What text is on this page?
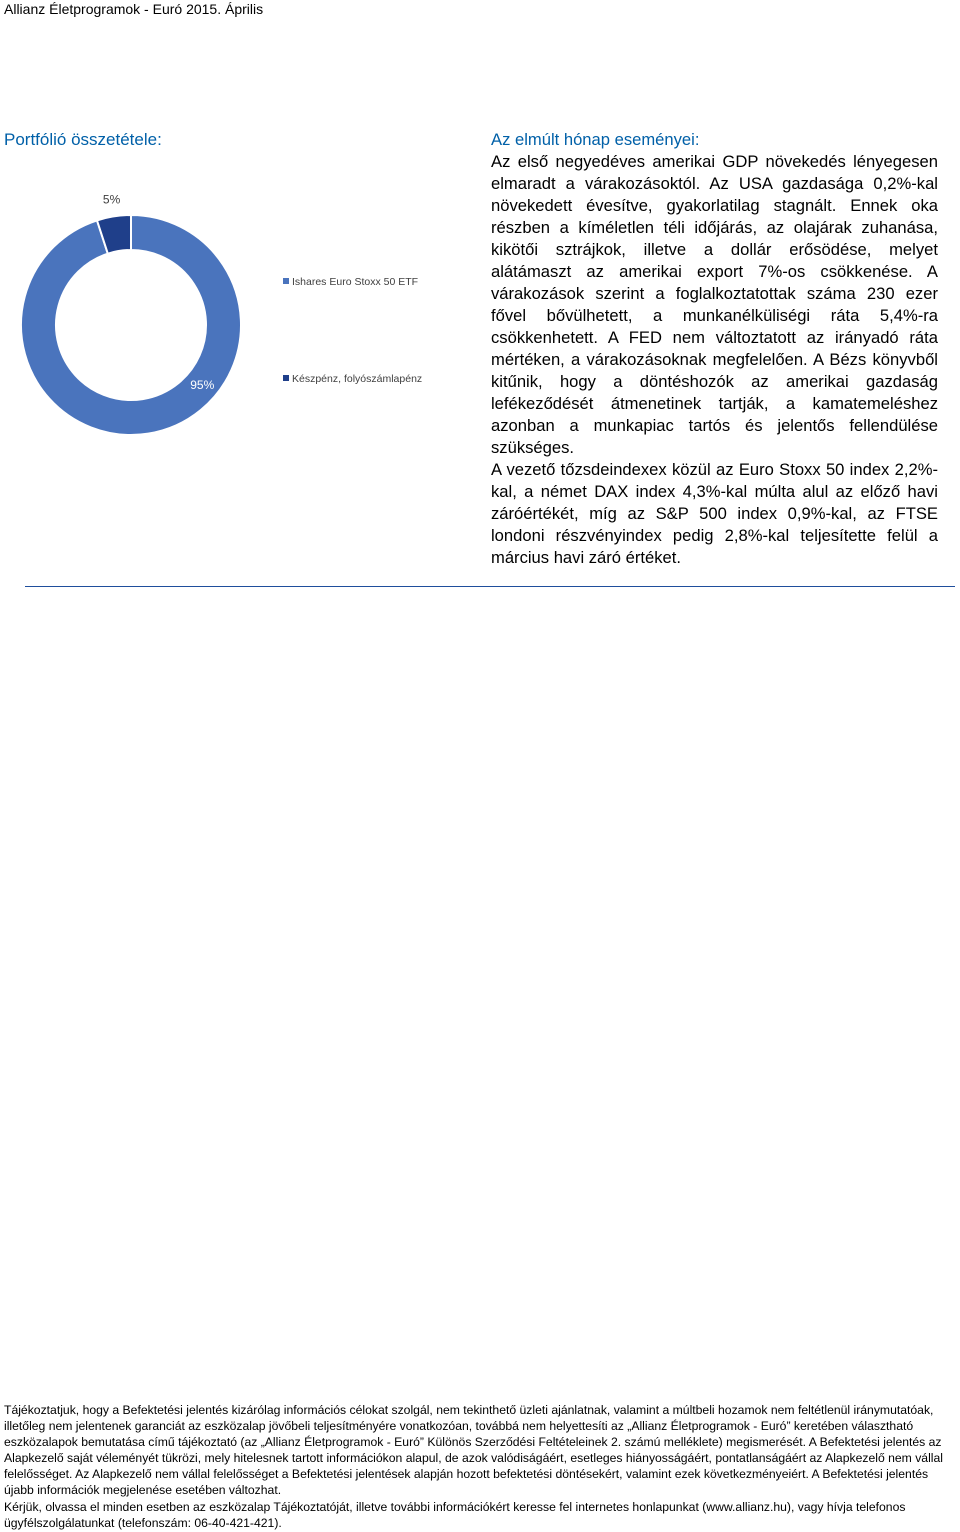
Allianz Életprogramok - Euró 2015. Április
Portfólió összetétele:
95%
5%
Ishares Euro Stoxx 50 ETF
Készpénz, folyószámlapénz
Az elmúlt hónap eseményei:

Az első negyedéves amerikai GDP növekedés lényegesen elmaradt a várakozásoktól. Az USA gazdasága 0,2%-kal növekedett évesítve, gyakorlatilag stagnált. Ennek oka részben a kíméletlen téli időjárás, az olajárak zuhanása, kikötői sztrájkok, illetve a dollár erősödése, melyet alátámaszt az amerikai export 7%-os csökkenése. A várakozások szerint a foglalkoztatottak száma 230 ezer fővel bővülhetett, a munkanélküliségi ráta 5,4%-ra csökkenhetett. A FED nem változtatott az irányadó ráta mértéken, a várakozásoknak megfelelően. A Bézs könyvből kitűnik, hogy a döntéshozók az amerikai gazdaság lefékeződését átmenetinek tartják, a kamatemeléshez azonban a munkapiac tartós és jelentős fellendülése szükséges.

A vezető tőzsdeindexex közül az Euro Stoxx 50 index 2,2%-kal, a német DAX index 4,3%-kal múlta alul az előző havi záróértékét, míg az S&P 500 index 0,9%-kal, az FTSE londoni részvényindex pedig 2,8%-kal teljesítette felül a március havi záró értéket.

Tájékoztatjuk, hogy a Befektetési jelentés kizárólag információs célokat szolgál, nem tekinthető üzleti ajánlatnak, valamint a múltbeli hozamok nem feltétlenül iránymutatóak, illetőleg nem jelentenek garanciát az eszközalap jövőbeli teljesítményére vonatkozóan, továbbá nem helyettesíti az „Allianz Életprogramok - Euró” keretében választható eszközalapok bemutatása című tájékoztató (az „Allianz Életprogramok - Euró” Különös Szerződési Feltételeinek 2. számú melléklete) megismerését. A Befektetési jelentés az Alapkezelő saját véleményét tükrözi, mely hitelesnek tartott információkon alapul, de azok valódiságáért, esetleges hiányosságáért, pontatlanságáért az Alapkezelő nem vállal felelősséget. Az Alapkezelő nem vállal felelősséget a Befektetési jelentések alapján hozott befektetési döntésekért, valamint ezek következményeiért. A Befektetési jelentés újabb információk megjelenése esetében változhat.

Kérjük, olvassa el minden esetben az eszközalap Tájékoztatóját, illetve további információkért keresse fel internetes honlapunkat (www.allianz.hu), vagy hívja telefonos ügyfélszolgálatunkat (telefonszám: 06-40-421-421).
